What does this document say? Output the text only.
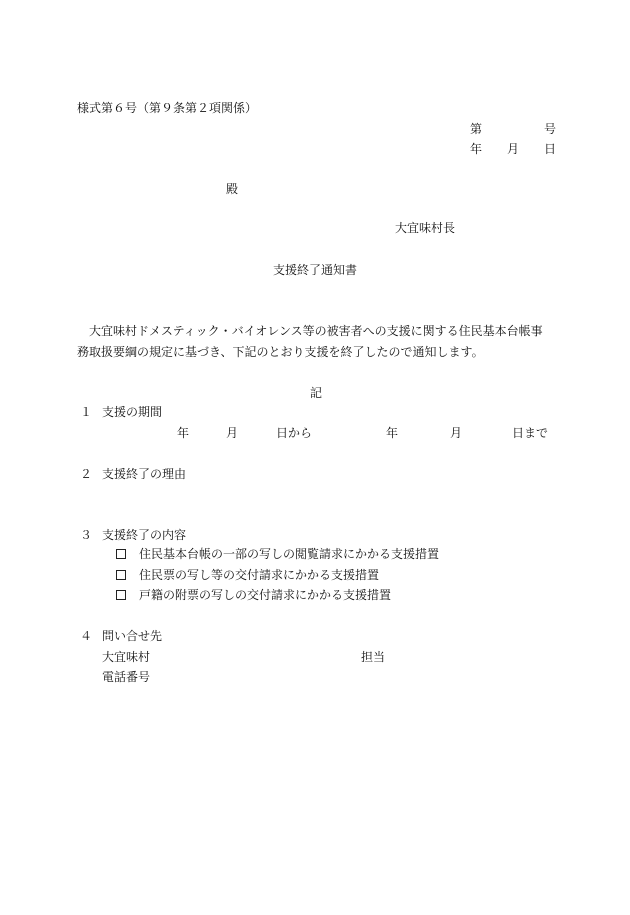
様式第６号（第９条第２項関係）
第	号
年 月 日
殿
大宜味村長
支援終了通知書
大宜味村ドメスティック・バイオレンス等の被害者への支援に関する住民基本台帳事
務取扱要綱の規定に基づき、下記のとおり支援を終了したので通知します。
記
１ 支援の期間
年	月	日から	年	月	日まで
２ 支援終了の理由
３ 支援終了の内容
住民基本台帳の一部の写しの閲覧請求にかかる支援措置
住民票の写し等の交付請求にかかる支援措置
戸籍の附票の写しの交付請求にかかる支援措置
４ 問い合せ先
大宜味村	担当
電話番号
